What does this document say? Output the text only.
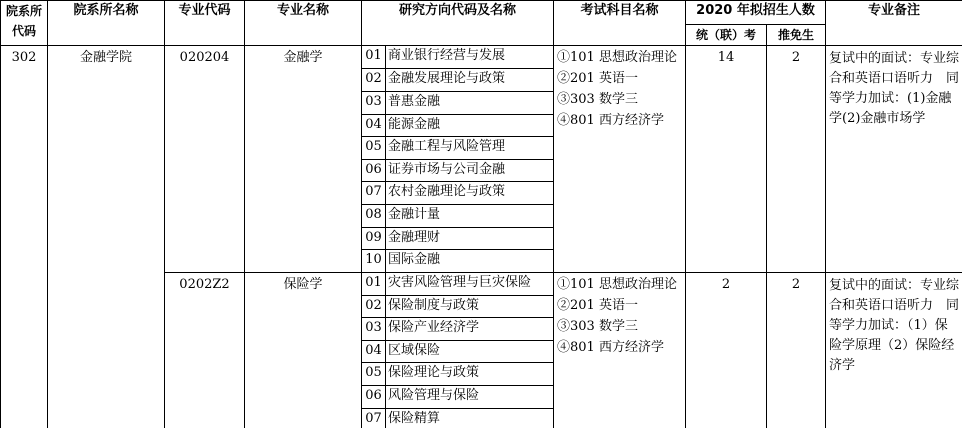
院系所代码	院系所名称	专业代码	专业名称	研究方向代码及名称		考试科目名称	2020 年拟招生人数		专业备注
							统（联）考	推免生	
302	金融学院	020204	金融学	01	商业银行经营与发展	①101 思想政治理论
②201 英语一
③303 数学三
④801 西方经济学	14	2	复试中的面试：专业综合和英语口语听力　同等学力加试：(1)金融学(2)金融市场学
				02	金融发展理论与政策				
				03	普惠金融				
				04	能源金融				
				05	金融工程与风险管理				
				06	证券市场与公司金融				
				07	农村金融理论与政策				
				08	金融计量				
				09	金融理财				
				10	国际金融				
		0202Z2	保险学	01	灾害风险管理与巨灾保险	①101 思想政治理论
②201 英语一
③303 数学三
④801 西方经济学	2	2	复试中的面试：专业综合和英语口语听力　同等学力加试：（1）保险学原理（2）保险经济学
				02	保险制度与政策				
				03	保险产业经济学				
				04	区域保险				
				05	保险理论与政策				
				06	风险管理与保险				
				07	保险精算				
